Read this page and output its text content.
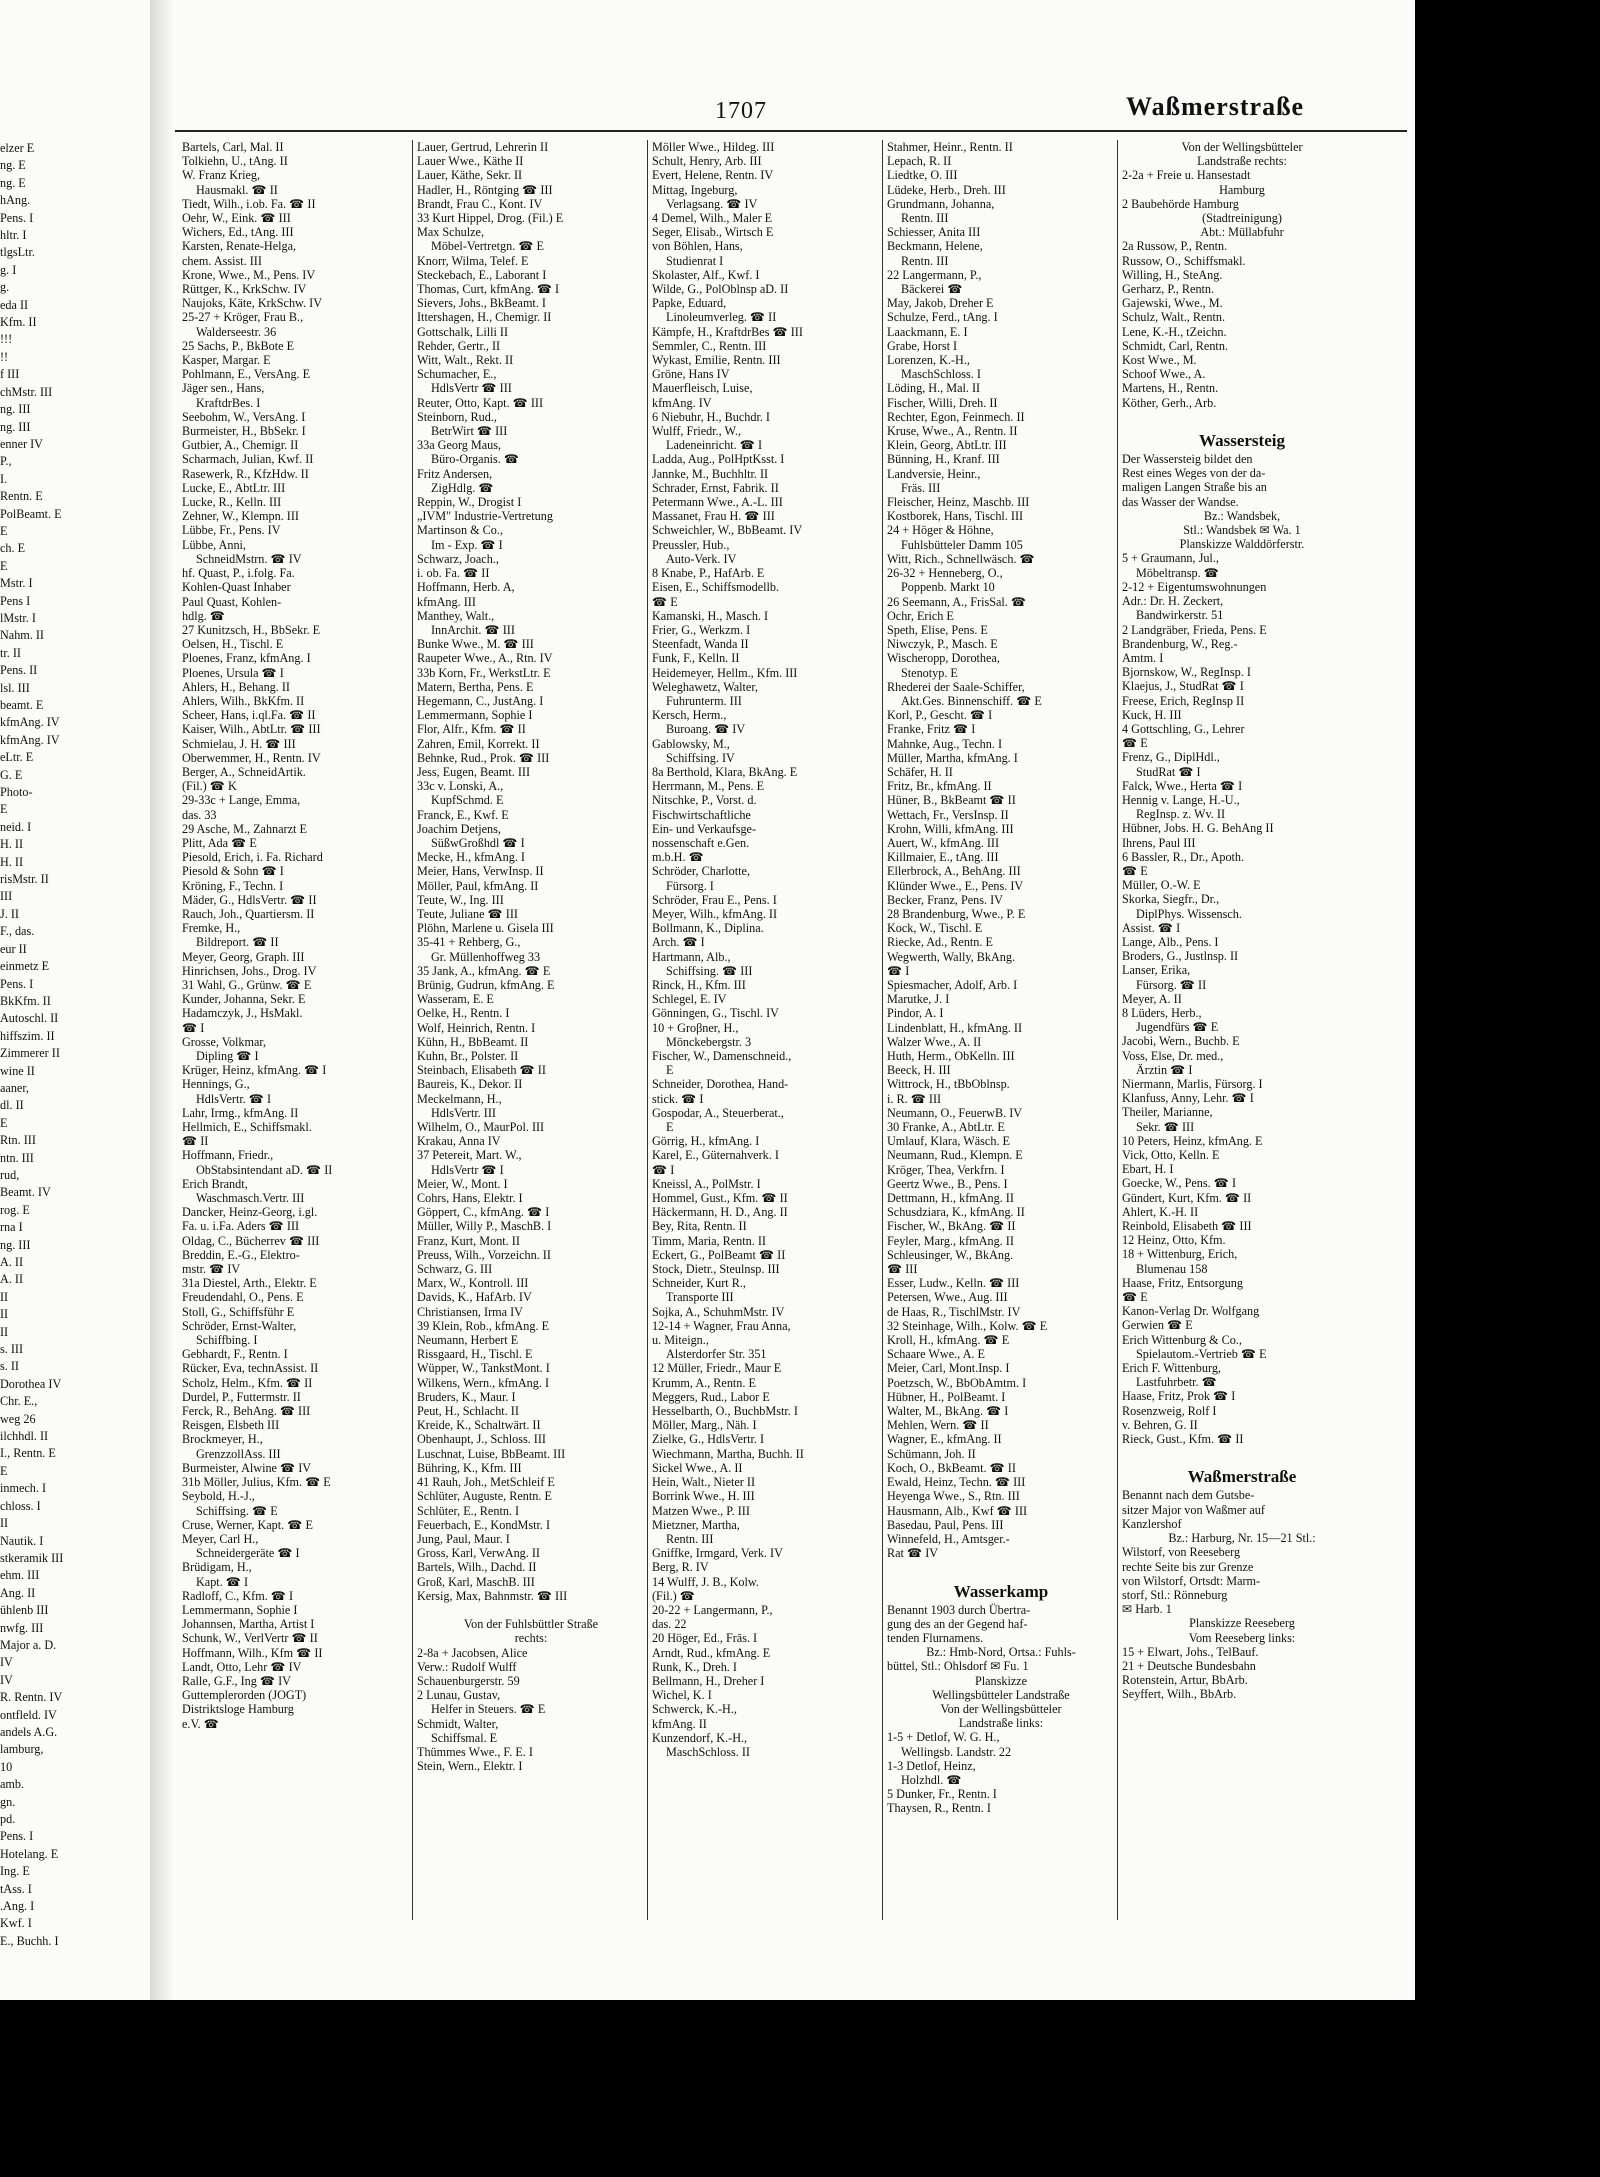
elzer E
ng. E
ng. E
hAng.
Pens. I
hltr. I
tlgsLtr.
g. I
g.
eda II
Kfm. II
!!!
!!
f III
chMstr. III
ng. III
ng. III
enner IV
P.,
I.
Rentn. E
PolBeamt. E
E
ch. E
E
Mstr. I
Pens I
lMstr. I
Nahm. II
tr. II
Pens. II
lsl. III
beamt. E
kfmAng. IV
kfmAng. IV
eLtr. E
G. E
Photo-
E
neid. I
H. II
H. II
risMstr. II
III
J. II
F., das.
eur II
einmetz E
Pens. I
BkKfm. II
Autoschl. II
hiffszim. II
Zimmerer II
wine II
aaner,
dl. II
E
Rtn. III
ntn. III
rud,
Beamt. IV
rog. E
rna I
ng. III
A. II
A. II
II
II
II
s. III
s. II
Dorothea IV
Chr. E.,
weg 26
ilchhdl. II
I., Rentn. E
E
inmech. I
chloss. I
II
Nautik. I
stkeramik III
ehm. III
Ang. II
ühlenb III
nwfg. III
Major a. D.
IV
IV
R. Rentn. IV
ontfleld. IV
andels A.G.
lamburg,
10
amb.
gn.
pd.
Pens. I
Hotelang. E
Ing. E
tAss. I
.Ang. I
Kwf. I
E., Buchh. I
1707	Waßmerstraße
Bartels, Carl, Mal. II
Tolkiehn, U., tAng. II
W. Franz Krieg,
Hausmakl. ☎ II
Tiedt, Wilh., i.ob. Fa. ☎ II
Oehr, W., Eink. ☎ III
Wichers, Ed., tAng. III
Karsten, Renate-Helga,
chem. Assist. III
Krone, Wwe., M., Pens. IV
Rüttger, K., KrkSchw. IV
Naujoks, Käte, KrkSchw. IV
25-27 + Kröger, Frau B.,
Walderseestr. 36
25 Sachs, P., BkBote E
Kasper, Margar. E
Pohlmann, E., VersAng. E
Jäger sen., Hans,
KraftdrBes. I
Seebohm, W., VersAng. I
Burmeister, H., BbSekr. I
Gutbier, A., Chemigr. II
Scharmach, Julian, Kwf. II
Rasewerk, R., KfzHdw. II
Lucke, E., AbtLtr. III
Lucke, R., Kelln. III
Zehner, W., Klempn. III
Lübbe, Fr., Pens. IV
Lübbe, Anni,
SchneidMstrn. ☎ IV
hf. Quast, P., i.folg. Fa.
Kohlen-Quast Inhaber
Paul Quast, Kohlen-
hdlg. ☎
27 Kunitzsch, H., BbSekr. E
Oelsen, H., Tischl. E
Ploenes, Franz, kfmAng. I
Ploenes, Ursula ☎ I
Ahlers, H., Behang. II
Ahlers, Wilh., BkKfm. II
Scheer, Hans, i.ql.Fa. ☎ II
Kaiser, Wilh., AbtLtr. ☎ III
Schmielau, J. H. ☎ III
Oberwemmer, H., Rentn. IV
Berger, A., SchneidArtik.
(Fil.) ☎ K
29-33c + Lange, Emma,
das. 33
29 Asche, M., Zahnarzt E
Plitt, Ada ☎ E
Piesold, Erich, i. Fa. Richard
Piesold & Sohn ☎ I
Kröning, F., Techn. I
Mäder, G., HdlsVertr. ☎ II
Rauch, Joh., Quartiersm. II
Fremke, H.,
Bildreport. ☎ II
Meyer, Georg, Graph. III
Hinrichsen, Johs., Drog. IV
31 Wahl, G., Grünw. ☎ E
Kunder, Johanna, Sekr. E
Hadamczyk, J., HsMakl.
☎ I
Grosse, Volkmar,
Dipling ☎ I
Krüger, Heinz, kfmAng. ☎ I
Hennings, G.,
HdlsVertr. ☎ I
Lahr, Irmg., kfmAng. II
Hellmich, E., Schiffsmakl.
☎ II
Hoffmann, Friedr.,
ObStabsintendant aD. ☎ II
Erich Brandt,
Waschmasch.Vertr. III
Dancker, Heinz-Georg, i.gl.
Fa. u. i.Fa. Aders ☎ III
Oldag, C., Bücherrev ☎ III
Breddin, E.-G., Elektro-
mstr. ☎ IV
31a Diestel, Arth., Elektr. E
Freudendahl, O., Pens. E
Stoll, G., Schiffsführ E
Schröder, Ernst-Walter,
Schiffbing. I
Gebhardt, F., Rentn. I
Rücker, Eva, technAssist. II
Scholz, Helm., Kfm. ☎ II
Durdel, P., Futtermstr. II
Ferck, R., BehAng. ☎ III
Reisgen, Elsbeth III
Brockmeyer, H.,
GrenzzollAss. III
Burmeister, Alwine ☎ IV
31b Möller, Julius, Kfm. ☎ E
Seybold, H.-J.,
Schiffsing. ☎ E
Cruse, Werner, Kapt. ☎ E
Meyer, Carl H.,
Schneidergeräte ☎ I
Brüdigam, H.,
Kapt. ☎ I
Radloff, C., Kfm. ☎ I
Lemmermann, Sophie I
Johannsen, Martha, Artist I
Schunk, W., VerlVertr ☎ II
Hoffmann, Wilh., Kfm ☎ II
Landt, Otto, Lehr ☎ IV
Ralle, G.F., Ing ☎ IV
Guttemplerorden (JOGT)
Distriktsloge Hamburg
e.V. ☎
Lauer, Gertrud, Lehrerin II
Lauer Wwe., Käthe II
Lauer, Käthe, Sekr. II
Hadler, H., Röntging ☎ III
Brandt, Frau C., Kont. IV
33 Kurt Hippel, Drog. (Fil.) E
Max Schulze,
Möbel-Vertretgn. ☎ E
Knorr, Wilma, Telef. E
Steckebach, E., Laborant I
Thomas, Curt, kfmAng. ☎ I
Sievers, Johs., BkBeamt. I
Ittershagen, H., Chemigr. II
Gottschalk, Lilli II
Rehder, Gertr., II
Witt, Walt., Rekt. II
Schumacher, E.,
HdlsVertr ☎ III
Reuter, Otto, Kapt. ☎ III
Steinborn, Rud.,
BetrWirt ☎ III
33a Georg Maus,
Büro-Organis. ☎
Fritz Andersen,
ZigHdlg. ☎
Reppin, W., Drogist I
„IVM" Industrie-Vertretung
Martinson & Co.,
Im - Exp. ☎ I
Schwarz, Joach.,
i. ob. Fa. ☎ II
Hoffmann, Herb. A,
kfmAng. III
Manthey, Walt.,
InnArchit. ☎ III
Bunke Wwe., M. ☎ III
Raupeter Wwe., A., Rtn. IV
33b Korn, Fr., WerkstLtr. E
Matern, Bertha, Pens. E
Hegemann, C., JustAng. I
Lemmermann, Sophie I
Flor, Alfr., Kfm. ☎ II
Zahren, Emil, Korrekt. II
Behnke, Rud., Prok. ☎ III
Jess, Eugen, Beamt. III
33c v. Lonski, A.,
KupfSchmd. E
Franck, E., Kwf. E
Joachim Detjens,
SüßwGroßhdl ☎ I
Mecke, H., kfmAng. I
Meier, Hans, VerwInsp. II
Möller, Paul, kfmAng. II
Teute, W., Ing. III
Teute, Juliane ☎ III
Plöhn, Marlene u. Gisela III
35-41 + Rehberg, G.,
Gr. Müllenhoffweg 33
35 Jank, A., kfmAng. ☎ E
Brünig, Gudrun, kfmAng. E
Wasseram, E. E
Oelke, H., Rentn. I
Wolf, Heinrich, Rentn. I
Kühn, H., BbBeamt. II
Kuhn, Br., Polster. II
Steinbach, Elisabeth ☎ II
Baureis, K., Dekor. II
Meckelmann, H.,
HdlsVertr. III
Wilhelm, O., MaurPol. III
Krakau, Anna IV
37 Petereit, Mart. W.,
HdlsVertr ☎ I
Meier, W., Mont. I
Cohrs, Hans, Elektr. I
Göppert, C., kfmAng. ☎ I
Müller, Willy P., MaschB. I
Franz, Kurt, Mont. II
Preuss, Wilh., Vorzeichn. II
Schwarz, G. III
Marx, W., Kontroll. III
Davids, K., HafArb. IV
Christiansen, Irma IV
39 Klein, Rob., kfmAng. E
Neumann, Herbert E
Rissgaard, H., Tischl. E
Wüpper, W., TankstMont. I
Wilkens, Wern., kfmAng. I
Bruders, K., Maur. I
Peut, H., Schlacht. II
Kreide, K., Schaltwärt. II
Obenhaupt, J., Schloss. III
Luschnat, Luise, BbBeamt. III
Bühring, K., Kfm. III
41 Rauh, Joh., MetSchleif E
Schlüter, Auguste, Rentn. E
Schlüter, E., Rentn. I
Feuerbach, E., KondMstr. I
Jung, Paul, Maur. I
Gross, Karl, VerwAng. II
Bartels, Wilh., Dachd. II
Groß, Karl, MaschB. III
Kersig, Max, Bahnmstr. ☎ III

Von der Fuhlsbüttler Straße
rechts:
2-8a + Jacobsen, Alice
Verw.: Rudolf Wulff
Schauenburgerstr. 59
2 Lunau, Gustav,
Helfer in Steuers. ☎ E
Schmidt, Walter,
Schiffsmal. E
Thümmes Wwe., F. E. I
Stein, Wern., Elektr. I
Möller Wwe., Hildeg. III
Schult, Henry, Arb. III
Evert, Helene, Rentn. IV
Mittag, Ingeburg,
Verlagsang. ☎ IV
4 Demel, Wilh., Maler E
Seger, Elisab., Wirtsch E
von Böhlen, Hans,
Studienrat I
Skolaster, Alf., Kwf. I
Wilde, G., PolOblnsp aD. II
Papke, Eduard,
Linoleumverleg. ☎ II
Kämpfe, H., KraftdrBes ☎ III
Semmler, C., Rentn. III
Wykast, Emilie, Rentn. III
Gröne, Hans IV
Mauerfleisch, Luise,
kfmAng. IV
6 Niebuhr, H., Buchdr. I
Wulff, Friedr., W.,
Ladeneinricht. ☎ I
Ladda, Aug., PolHptKsst. I
Jannke, M., Buchhltr. II
Schrader, Ernst, Fabrik. II
Petermann Wwe., A.-L. III
Massanet, Frau H. ☎ III
Schweichler, W., BbBeamt. IV
Preussler, Hub.,
Auto-Verk. IV
8 Knabe, P., HafArb. E
Eisen, E., Schiffsmodellb.
☎ E
Kamanski, H., Masch. I
Frier, G., Werkzm. I
Steenfadt, Wanda II
Funk, F., Kelln. II
Heidemeyer, Hellm., Kfm. III
Weleghawetz, Walter,
Fuhrunterm. III
Kersch, Herm.,
Buroang. ☎ IV
Gablowsky, M.,
Schiffsing. IV
8a Berthold, Klara, BkAng. E
Herrmann, M., Pens. E
Nitschke, P., Vorst. d.
Fischwirtschaftliche
Ein- und Verkaufsge-
nossenschaft e.Gen.
m.b.H. ☎
Schröder, Charlotte,
Fürsorg. I
Schröder, Frau E., Pens. I
Meyer, Wilh., kfmAng. II
Bollmann, K., Diplina.
Arch. ☎ I
Hartmann, Alb.,
Schiffsing. ☎ III
Rinck, H., Kfm. III
Schlegel, E. IV
Gönningen, G., Tischl. IV
10 + Groβner, H.,
Mönckebergstr. 3
Fischer, W., Damenschneid.,
E
Schneider, Dorothea, Hand-
stick. ☎ I
Gospodar, A., Steuerberat.,
E
Görrig, H., kfmAng. I
Karel, E., Güternahverk. I
☎ I
Kneissl, A., PolMstr. I
Hommel, Gust., Kfm. ☎ II
Häckermann, H. D., Ang. II
Bey, Rita, Rentn. II
Timm, Maria, Rentn. II
Eckert, G., PolBeamt ☎ II
Stock, Dietr., Steulnsp. III
Schneider, Kurt R.,
Transporte III
Sojka, A., SchuhmMstr. IV
12-14 + Wagner, Frau Anna,
u. Miteign.,
Alsterdorfer Str. 351
12 Müller, Friedr., Maur E
Krumm, A., Rentn. E
Meggers, Rud., Labor E
Hesselbarth, O., BuchbMstr. I
Möller, Marg., Näh. I
Zielke, G., HdlsVertr. I
Wiechmann, Martha, Buchh. II
Sickel Wwe., A. II
Hein, Walt., Nieter II
Borrink Wwe., H. III
Matzen Wwe., P. III
Mietzner, Martha,
Rentn. III
Gniffke, Irmgard, Verk. IV
Berg, R. IV
14 Wulff, J. B., Kolw.
(Fil.) ☎
20-22 + Langermann, P.,
das. 22
20 Höger, Ed., Frās. I
Arndt, Rud., kfmAng. E
Runk, K., Dreh. I
Bellmann, H., Dreher I
Wichel, K. I
Schwerck, K.-H.,
kfmAng. II
Kunzendorf, K.-H.,
MaschSchloss. II
Stahmer, Heinr., Rentn. II
Lepach, R. II
Liedtke, O. III
Lüdeke, Herb., Dreh. III
Grundmann, Johanna,
Rentn. III
Schiesser, Anita III
Beckmann, Helene,
Rentn. III
22 Langermann, P.,
Bäckerei ☎
May, Jakob, Dreher E
Schulze, Ferd., tAng. I
Laackmann, E. I
Grabe, Horst I
Lorenzen, K.-H.,
MaschSchloss. I
Löding, H., Mal. II
Fischer, Willi, Dreh. II
Rechter, Egon, Feinmech. II
Kruse, Wwe., A., Rentn. II
Klein, Georg, AbtLtr. III
Bünning, H., Kranf. III
Landversie, Heinr.,
Fräs. III
Fleischer, Heinz, Maschb. III
Kostborek, Hans, Tischl. III
24 + Höger & Höhne,
Fuhlsbütteler Damm 105
Witt, Rich., Schnellwäsch. ☎
26-32 + Henneberg, O.,
Poppenb. Markt 10
26 Seemann, A., FrisSal. ☎
Ochr, Erich E
Speth, Elise, Pens. E
Niwczyk, P., Masch. E
Wischeropp, Dorothea,
Stenotyp. E
Rhederei der Saale-Schiffer,
Akt.Ges. Binnenschiff. ☎ E
Korl, P., Gescht. ☎ I
Franke, Fritz ☎ I
Mahnke, Aug., Techn. I
Müller, Martha, kfmAng. I
Schäfer, H. II
Fritz, Br., kfmAng. II
Hüner, B., BkBeamt ☎ II
Wettach, Fr., VersInsp. II
Krohn, Willi, kfmAng. III
Auert, W., kfmAng. III
Killmaier, E., tAng. III
Ellerbrock, A., BehAng. III
Klünder Wwe., E., Pens. IV
Becker, Franz, Pens. IV
28 Brandenburg, Wwe., P. E
Kock, W., Tischl. E
Riecke, Ad., Rentn. E
Wegwerth, Wally, BkAng.
☎ I
Spiesmacher, Adolf, Arb. I
Marutke, J. I
Pindor, A. I
Lindenblatt, H., kfmAng. II
Walzer Wwe., A. II
Huth, Herm., ObKelln. III
Beeck, H. III
Wittrock, H., tBbOblnsp.
i. R. ☎ III
Neumann, O., FeuerwB. IV
30 Franke, A., AbtLtr. E
Umlauf, Klara, Wäsch. E
Neumann, Rud., Klempn. E
Kröger, Thea, Verkfrn. I
Geertz Wwe., B., Pens. I
Dettmann, H., kfmAng. II
Schusdziara, K., kfmAng. II
Fischer, W., BkAng. ☎ II
Feyler, Marg., kfmAng. II
Schleusinger, W., BkAng.
☎ III
Esser, Ludw., Kelln. ☎ III
Petersen, Wwe., Aug. III
de Haas, R., TischlMstr. IV
32 Steinhage, Wilh., Kolw. ☎ E
Kroll, H., kfmAng. ☎ E
Schaare Wwe., A. E
Meier, Carl, Mont.Insp. I
Poetzsch, W., BbObAmtm. I
Hübner, H., PolBeamt. I
Walter, M., BkAng. ☎ I
Mehlen, Wern. ☎ II
Wagner, E., kfmAng. II
Schümann, Joh. II
Koch, O., BkBeamt. ☎ II
Ewald, Heinz, Techn. ☎ III
Heyenga Wwe., S., Rtn. III
Hausmann, Alb., Kwf ☎ III
Basedau, Paul, Pens. III
Winnefeld, H., Amtsger.-
Rat ☎ IV

Wasserkamp
Benannt 1903 durch Übertra-
gung des an der Gegend haf-
tenden Flurnamens.
Bz.: Hmb-Nord, Ortsa.: Fuhls-
büttel, Stl.: Ohlsdorf ✉ Fu. 1
Planskizze
Wellingsbütteler Landstraße
Von der Wellingsbütteler
Landstraße links:
1-5 + Detlof, W. G. H.,
Wellingsb. Landstr. 22
1-3 Detlof, Heinz,
Holzhdl. ☎
5 Dunker, Fr., Rentn. I
Thaysen, R., Rentn. I
Von der Wellingsbütteler
Landstraße rechts:
2-2a + Freie u. Hansestadt
Hamburg
2 Baubehörde Hamburg
(Stadtreinigung)
Abt.: Müllabfuhr
2a Russow, P., Rentn.
Russow, O., Schiffsmakl.
Willing, H., SteAng.
Gerharz, P., Rentn.
Gajewski, Wwe., M.
Schulz, Walt., Rentn.
Lene, K.-H., tZeichn.
Schmidt, Carl, Rentn.
Kost Wwe., M.
Schoof Wwe., A.
Martens, H., Rentn.
Köther, Gerh., Arb.

Wassersteig
Der Wassersteig bildet den
Rest eines Weges von der da-
maligen Langen Straße bis an
das Wasser der Wandse.
Bz.: Wandsbek,
Stl.: Wandsbek ✉ Wa. 1
Planskizze Walddörferstr.
5 + Graumann, Jul.,
Möbeltransp. ☎
2-12 + Eigentumswohnungen
Adr.: Dr. H. Zeckert,
Bandwirkerstr. 51
2 Landgräber, Frieda, Pens. E
Brandenburg, W., Reg.-
Amtm. I
Bjornskow, W., RegInsp. I
Klaejus, J., StudRat ☎ I
Freese, Erich, RegInsp II
Kuck, H. III
4 Gottschling, G., Lehrer
☎ E
Frenz, G., DiplHdl.,
StudRat ☎ I
Falck, Wwe., Herta ☎ I
Hennig v. Lange, H.-U.,
RegInsp. z. Wv. II
Hübner, Jobs. H. G. BehAng II
Ihrens, Paul III
6 Bassler, R., Dr., Apoth.
☎ E
Müller, O.-W. E
Skorka, Siegfr., Dr.,
DiplPhys. Wissensch.
Assist. ☎ I
Lange, Alb., Pens. I
Broders, G., Justlnsp. II
Lanser, Erika,
Fürsorg. ☎ II
Meyer, A. II
8 Lüders, Herb.,
Jugendfürs ☎ E
Jacobi, Wern., Buchb. E
Voss, Else, Dr. med.,
Ärztin ☎ I
Niermann, Marlis, Fürsorg. I
Klanfuss, Anny, Lehr. ☎ I
Theiler, Marianne,
Sekr. ☎ III
10 Peters, Heinz, kfmAng. E
Vick, Otto, Kelln. E
Ebart, H. I
Goecke, W., Pens. ☎ I
Gündert, Kurt, Kfm. ☎ II
Ahlert, K.-H. II
Reinbold, Elisabeth ☎ III
12 Heinz, Otto, Kfm.
18 + Wittenburg, Erich,
Blumenau 158
Haase, Fritz, Entsorgung
☎ E
Kanon-Verlag Dr. Wolfgang
Gerwien ☎ E
Erich Wittenburg & Co.,
Spielautom.-Vertrieb ☎ E
Erich F. Wittenburg,
Lastfuhrbetr. ☎
Haase, Fritz, Prok ☎ I
Rosenzweig, Rolf I
v. Behren, G. II
Rieck, Gust., Kfm. ☎ II

Waßmerstraße
Benannt nach dem Gutsbe-
sitzer Major von Waßmer auf
Kanzlershof
Bz.: Harburg, Nr. 15—21 Stl.:
Wilstorf, von Reeseberg
rechte Seite bis zur Grenze
von Wilstorf, Ortsdt: Marm-
storf, Stl.: Rönneburg
✉ Harb. 1
Planskizze Reeseberg
Vom Reeseberg links:
15 + Elwart, Johs., TelBauf.
21 + Deutsche Bundesbahn
Rotenstein, Artur, BbArb.
Seyffert, Wilh., BbArb.
